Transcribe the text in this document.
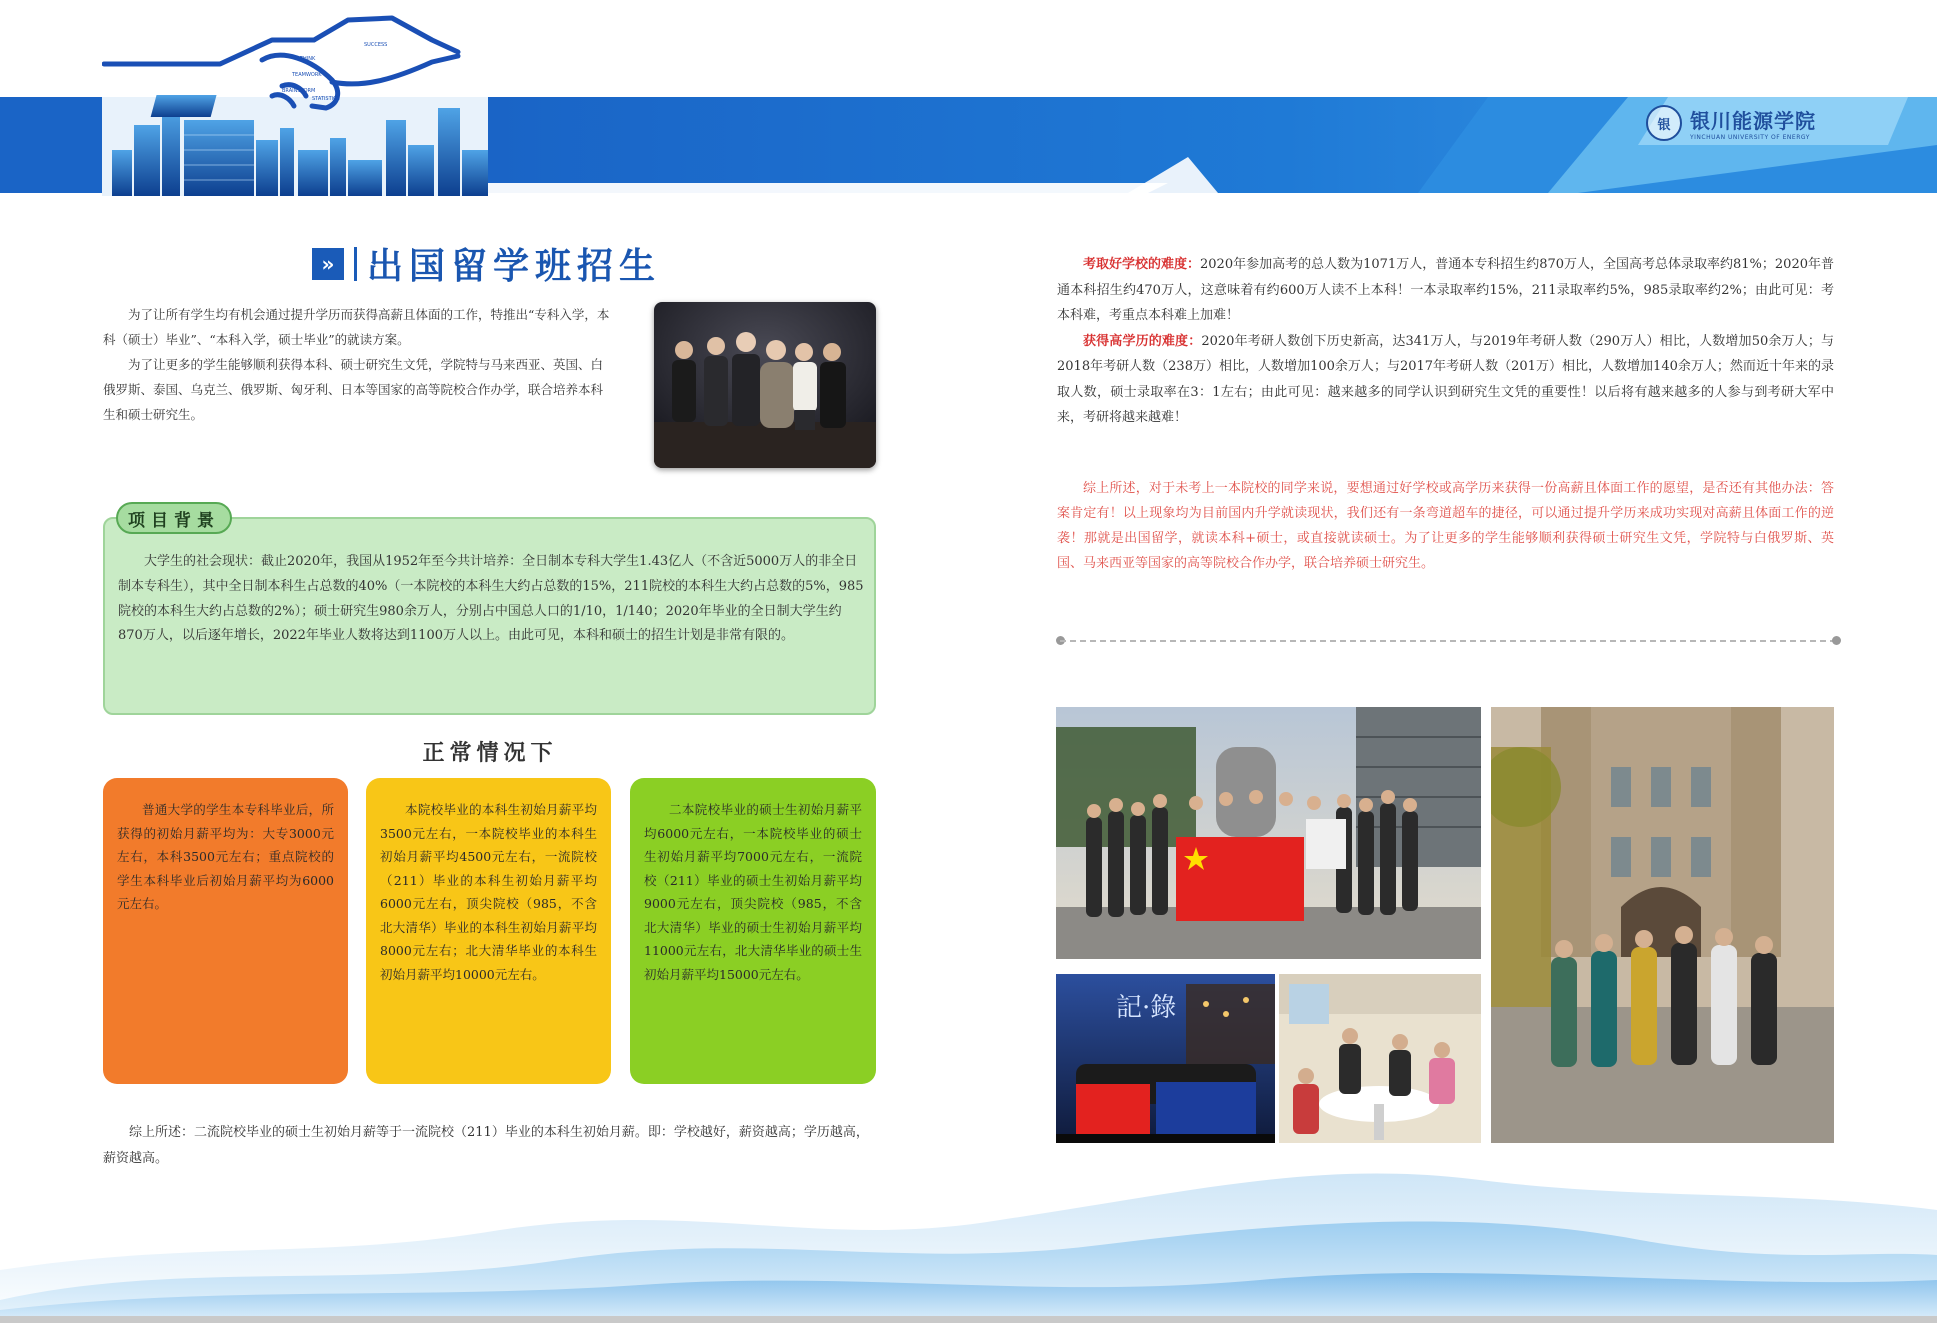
THINK
TEAMWORK
BRAINSTORM
STATISTICS
SUCCESS
银 银川能源学院
YINCHUAN UNIVERSITY OF ENERGY
» 出国留学班招生

为了让所有学生均有机会通过提升学历而获得高薪且体面的工作，特推出“专科入学，本科（硕士）毕业”、“本科入学，硕士毕业”的就读方案。

为了让更多的学生能够顺利获得本科、硕士研究生文凭，学院特与马来西亚、英国、白俄罗斯、泰国、乌克兰、俄罗斯、匈牙利、日本等国家的高等院校合作办学，联合培养本科生和硕士研究生。

项目背景

大学生的社会现状：截止2020年，我国从1952年至今共计培养：全日制本专科大学生1.43亿人（不含近5000万人的非全日制本专科生），其中全日制本科生占总数的40%（一本院校的本科生大约占总数的15%，211院校的本科生大约占总数的5%，985院校的本科生大约占总数的2%）；硕士研究生980余万人，分别占中国总人口的1/10，1/140；2020年毕业的全日制大学生约870万人，以后逐年增长，2022年毕业人数将达到1100万人以上。由此可见，本科和硕士的招生计划是非常有限的。

正常情况下
普通大学的学生本专科毕业后，所获得的初始月薪平均为：大专3000元左右，本科3500元左右；重点院校的学生本科毕业后初始月薪平均为6000元左右。
本院校毕业的本科生初始月薪平均3500元左右，一本院校毕业的本科生初始月薪平均4500元左右，一流院校（211）毕业的本科生初始月薪平均6000元左右，顶尖院校（985，不含北大清华）毕业的本科生初始月薪平均8000元左右；北大清华毕业的本科生初始月薪平均10000元左右。
二本院校毕业的硕士生初始月薪平均6000元左右，一本院校毕业的硕士生初始月薪平均7000元左右，一流院校（211）毕业的硕士生初始月薪平均9000元左右，顶尖院校（985，不含北大清华）毕业的硕士生初始月薪平均11000元左右，北大清华毕业的硕士生初始月薪平均15000元左右。

综上所述：二流院校毕业的硕士生初始月薪等于一流院校（211）毕业的本科生初始月薪。即：学校越好，薪资越高；学历越高，薪资越高。

考取好学校的难度：2020年参加高考的总人数为1071万人，普通本专科招生约870万人，全国高考总体录取率约81%；2020年普通本科招生约470万人，这意味着有约600万人读不上本科！一本录取率约15%，211录取率约5%，985录取率约2%；由此可见：考本科难，考重点本科难上加难！

获得高学历的难度：2020年考研人数创下历史新高，达341万人，与2019年考研人数（290万人）相比，人数增加50余万人；与2018年考研人数（238万）相比，人数增加100余万人；与2017年考研人数（201万）相比，人数增加140余万人；然而近十年来的录取人数，硕士录取率在3：1左右；由此可见：越来越多的同学认识到研究生文凭的重要性！以后将有越来越多的人参与到考研大军中来，考研将越来越难！

综上所述，对于未考上一本院校的同学来说，要想通过好学校或高学历来获得一份高薪且体面工作的愿望，是否还有其他办法：答案肯定有！以上现象均为目前国内升学就读现状，我们还有一条弯道超车的捷径，可以通过提升学历来成功实现对高薪且体面工作的逆袭！那就是出国留学，就读本科+硕士，或直接就读硕士。为了让更多的学生能够顺利获得硕士研究生文凭，学院特与白俄罗斯、英国、马来西亚等国家的高等院校合作办学，联合培养硕士研究生。

記·錄
